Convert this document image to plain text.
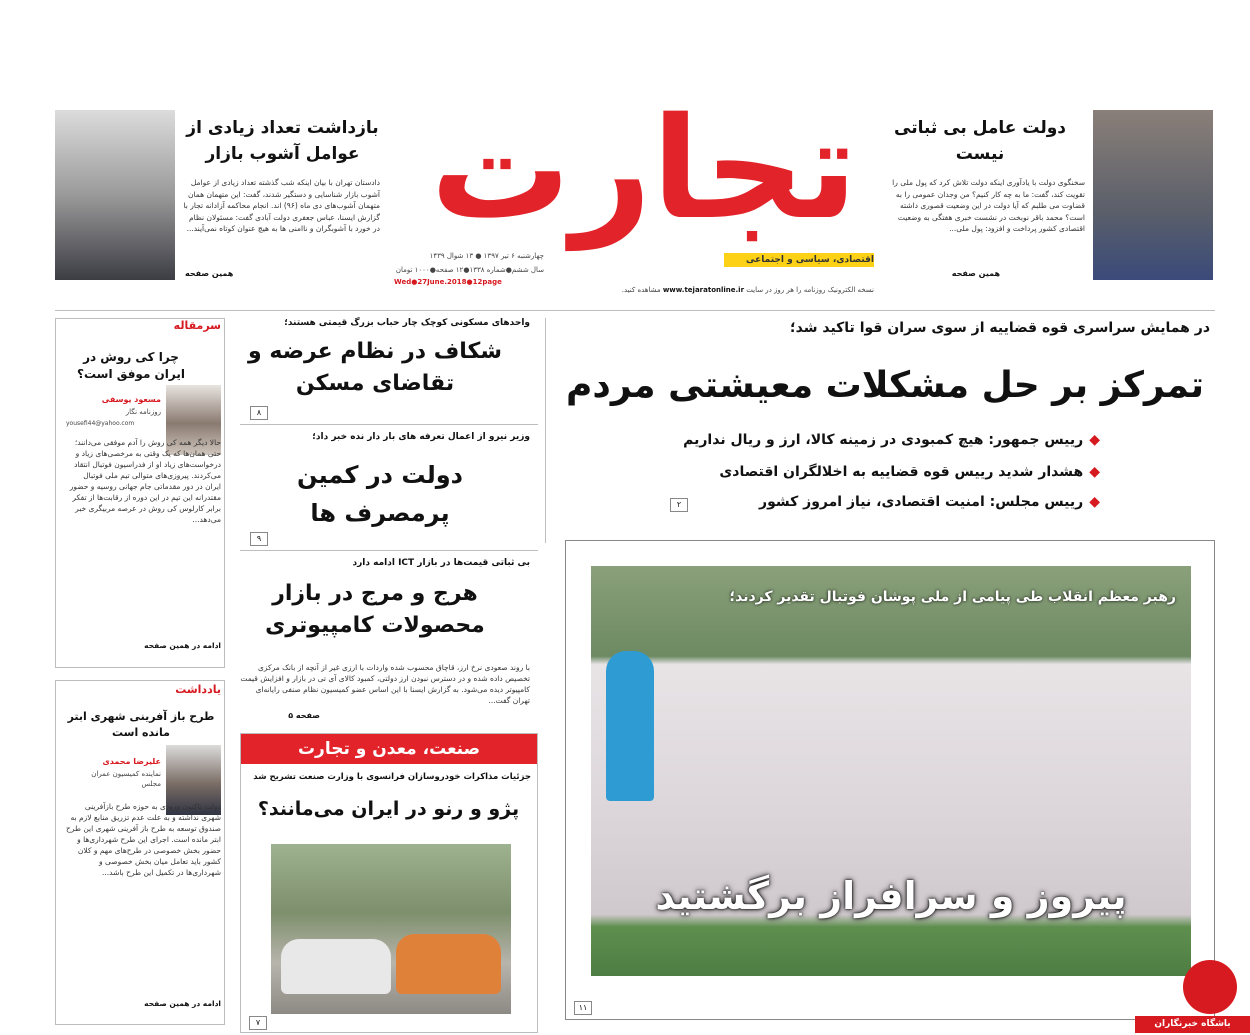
تجارت
اقتصادی، سیاسی و اجتماعی
چهارشنبه ۶ تیر ۱۳۹۷ ● ۱۳ شوال ۱۴۳۹
سال ششم●شماره ۱۳۳۸●۱۲ صفحه●۱۰۰۰ تومان
Wed●27June.2018●12page
نسخه الکترونیک روزنامه را هر روز در سایت www.tejaratonline.ir مشاهده کنید.
دولت عامل بی ثباتی نیست
سخنگوی دولت با یادآوری اینکه دولت تلاش کرد که پول ملی را تقویت کند، گفت: ما به چه کار کنیم؟ من وجدان عمومی را به قضاوت می طلبم که آیا دولت در این وضعیت قصوری داشته است؟ محمد باقر نوبخت در نشست خبری هفتگی به وضعیت اقتصادی کشور پرداخت و افزود: پول ملی...
همین صفحه
بازداشت تعداد زیادی از عوامل آشوب بازار
دادستان تهران با بیان اینکه شب گذشته تعداد زیادی از عوامل آشوب بازار شناسایی و دستگیر شدند، گفت: این متهمان همان متهمان آشوب‌های دی ماه (۹۶) اند. انجام محاکمه آزادانه تجار با گزارش ایسنا، عباس جعفری دولت آبادی گفت: مسئولان نظام در خورد با آشوبگران و ناامنی ها به هیچ عنوان کوتاه نمی‌آیند...
همین صفحه
در همایش سراسری قوه قضاییه از سوی سران قوا تاکید شد؛
تمرکز بر حل مشکلات معیشتی مردم
◆رییس جمهور: هیچ کمبودی در زمینه کالا، ارز و ریال نداریم
◆هشدار شدید رییس قوه قضاییه به اخلالگران اقتصادی
◆رییس مجلس: امنیت اقتصادی، نیاز امروز کشور
۲
رهبر معظم انقلاب طی پیامی از ملی پوشان فوتبال تقدیر کردند؛
پیروز و سرافراز برگشتید
۱۱
واحدهای مسکونی کوچک چار حباب بزرگ قیمتی هستند؛
شکاف در نظام عرضه و تقاضای مسکن
۸
وزیر نیرو از اعمال تعرفه های بار دار نده خبر داد؛
دولت در کمین پرمصرف ها
۹
بی ثباتی قیمت‌ها در بازار ICT ادامه دارد
هرج و مرج در بازار محصولات کامپیوتری
با روند صعودی نرخ ارز، قاچاق محسوب شده واردات با ارزی غیر از آنچه از بانک مرکزی تخصیص داده شده و در دسترس نبودن ارز دولتی، کمبود کالای آی تی در بازار و افزایش قیمت کامپیوتر دیده می‌شود. به گزارش ایسنا با این اساس عضو کمیسیون نظام صنفی رایانه‌ای تهران گفت...
صفحه ۵
صنعت، معدن و تجارت
جزئیات مذاکرات خودروسازان فرانسوی با وزارت صنعت تشریح شد
پژو و رنو در ایران می‌مانند؟
۷
سرمقاله
چرا کی روش در ایران موفق است؟
مسعود یوسفی
روزنامه نگار
yousefi44@yahoo.com
حالا دیگر همه کی روش را آدم موفقی می‌دانند؛ حتی همان‌ها که یک وقتی به مرخصی‌های زیاد و درخواست‌های زیاد او از فدراسیون فوتبال انتقاد می‌کردند. پیروزی‌های متوالی تیم ملی فوتبال ایران در دور مقدماتی جام جهانی روسیه و حضور مقتدرانه این تیم در این دوره از رقابت‌ها از تفکر برابر کارلوس کی روش در عرصه مربیگری خبر می‌دهد...
ادامه در همین صفحه
یادداشت
طرح باز آفرینی شهری ابتر مانده است
علیرضا محمدی
نماینده کمیسیون عمران مجلس
دولت تاکنون ورودی به حوزه طرح بازآفرینی شهری نداشته و به علت عدم تزریق منابع لازم به صندوق توسعه به طرح باز آفرینی شهری این طرح ابتر مانده است. اجرای این طرح شهرداری‌ها و حضور بخش خصوصی در طرح‌های مهم و کلان کشور باید تعامل میان بخش خصوصی و شهرداری‌ها در تکمیل این طرح باشد...
ادامه در همین صفحه
باشگاه خبرنگاران
